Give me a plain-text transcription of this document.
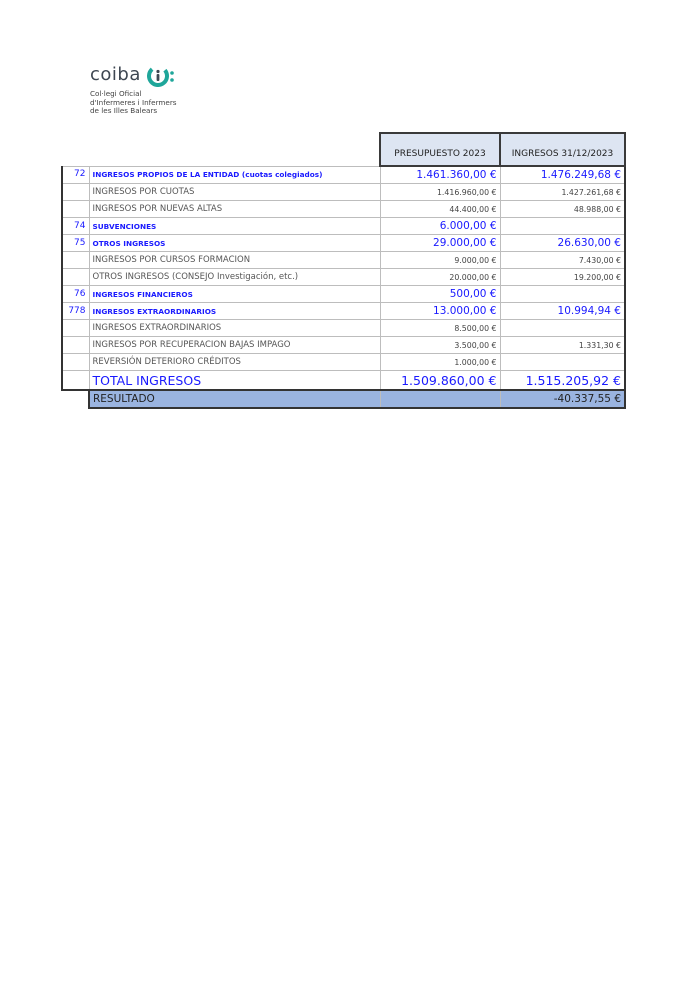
coiba
Col·legi Oficial
d'Infermeres i Infermers
de les Illes Balears
		PRESUPUESTO 2023	INGRESOS 31/12/2023
72	INGRESOS PROPIOS DE LA ENTIDAD (cuotas colegiados)	1.461.360,00 €	1.476.249,68 €
	INGRESOS POR CUOTAS	1.416.960,00 €	1.427.261,68 €
	INGRESOS POR NUEVAS ALTAS	44.400,00 €	48.988,00 €
74	SUBVENCIONES	6.000,00 €	
75	OTROS INGRESOS	29.000,00 €	26.630,00 €
	INGRESOS POR CURSOS FORMACION	9.000,00 €	7.430,00 €
	OTROS INGRESOS (CONSEJO Investigación, etc.)	20.000,00 €	19.200,00 €
76	INGRESOS FINANCIEROS	500,00 €	
778	INGRESOS EXTRAORDINARIOS	13.000,00 €	10.994,94 €
	INGRESOS EXTRAORDINARIOS	8.500,00 €	
	INGRESOS POR RECUPERACION BAJAS IMPAGO	3.500,00 €	1.331,30 €
	REVERSIÓN DETERIORO CRÉDITOS	1.000,00 €	
	TOTAL INGRESOS	1.509.860,00 €	1.515.205,92 €
	RESULTADO		-40.337,55 €
